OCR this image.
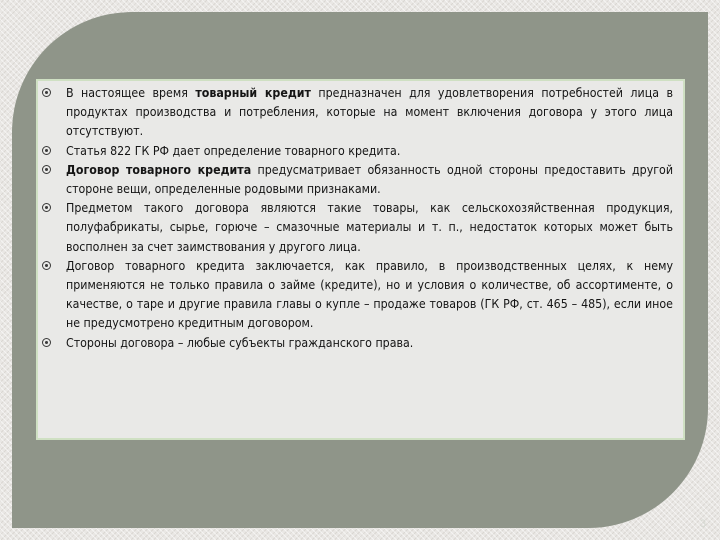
В настоящее время товарный кредит предназначен для удовлетворения потребностей лица в продуктах производства и потребления, которые на момент включения договора у этого лица отсутствуют.
Статья 822 ГК РФ дает определение товарного кредита.
Договор товарного кредита предусматривает обязанность одной стороны предоставить другой стороне вещи, определенные родовыми признаками.
Предметом такого договора являются такие товары, как сельскохозяйственная продукция, полуфабрикаты, сырье, горюче – смазочные материалы и т. п., недостаток которых может быть восполнен за счет заимствования у другого лица.
Договор товарного кредита заключается, как правило, в производственных целях, к нему применяются не только правила о займе (кредите), но и условия о количестве, об ассортименте, о качестве, о таре и другие правила главы о купле – продаже товаров (ГК РФ, ст. 465 – 485), если иное не предусмотрено кредитным договором.
Стороны договора – любые субъекты гражданского права.
3
